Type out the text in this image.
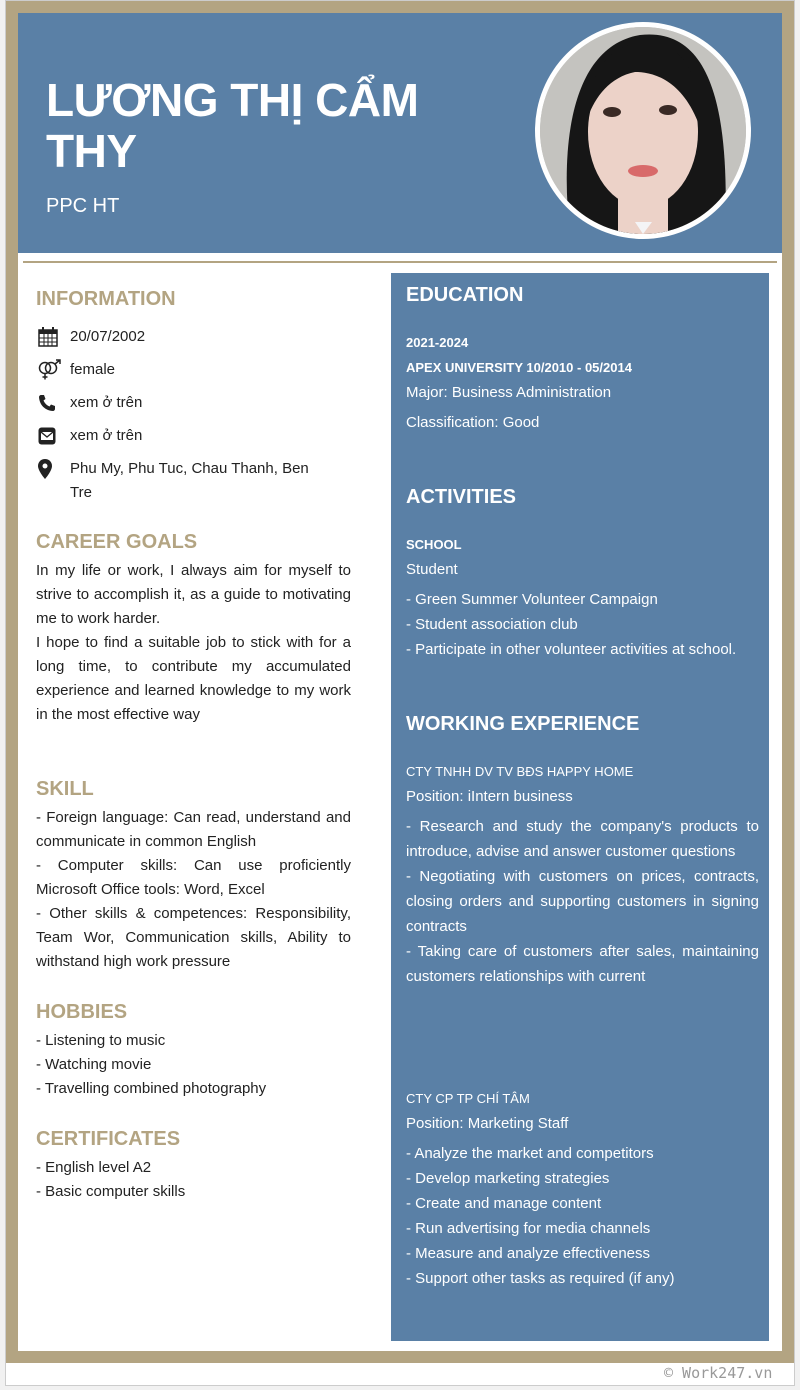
LƯƠNG THỊ CẨM THY
PPC HT
INFORMATION
20/07/2002
female
xem ở trên
xem ở trên
Phu My, Phu Tuc, Chau Thanh, Ben Tre
CAREER GOALS
In my life or work, I always aim for myself to strive to accomplish it, as a guide to motivating me to work harder.
I hope to find a suitable job to stick with for a long time, to contribute my accumulated experience and learned knowledge to my work in the most effective way
SKILL
- Foreign language: Can read, understand and communicate in common English
- Computer skills: Can use proficiently Microsoft Office tools: Word, Excel
- Other skills & competences: Responsibility, Team Wor, Communication skills, Ability to withstand high work pressure
HOBBIES
- Listening to music
- Watching movie
- Travelling combined photography
CERTIFICATES
- English level A2
- Basic computer skills
EDUCATION
2021-2024
APEX UNIVERSITY 10/2010 - 05/2014
Major: Business Administration
Classification: Good
ACTIVITIES
SCHOOL
Student
- Green Summer Volunteer Campaign
- Student association club
- Participate in other volunteer activities at school.
WORKING EXPERIENCE
CTY TNHH DV TV BĐS HAPPY HOME
Position: iIntern business
- Research and study the company's products to introduce, advise and answer customer questions
- Negotiating with customers on prices, contracts, closing orders and supporting customers in signing contracts
- Taking care of customers after sales, maintaining customers relationships with current
CTY CP TP CHÍ TÂM
Position: Marketing Staff
- Analyze the market and competitors
- Develop marketing strategies
- Create and manage content
- Run advertising for media channels
- Measure and analyze effectiveness
- Support other tasks as required (if any)
© Work247.vn
